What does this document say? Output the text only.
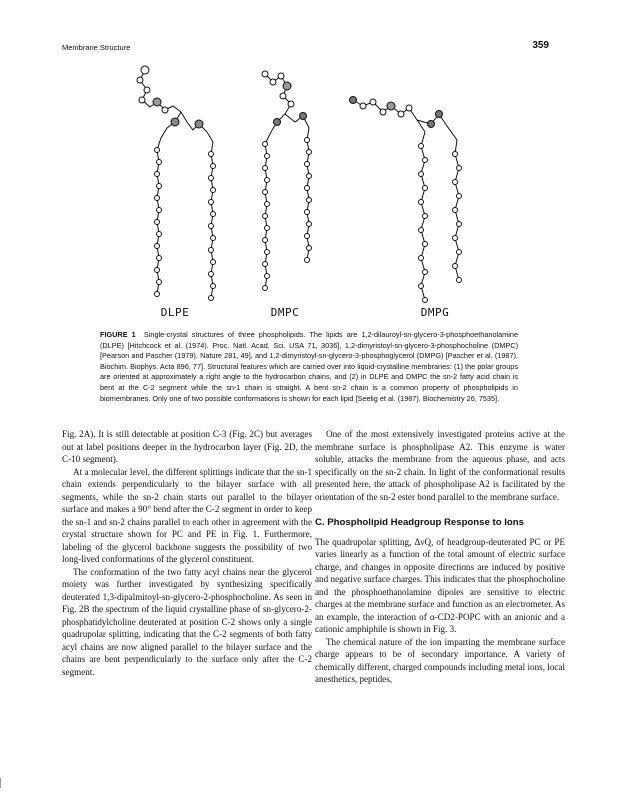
Membrane Structure	359
DLPE	DMPC	DMPG
FIGURE 1 Single-crystal structures of three phospholipids. The lipids are 1,2-dilauroyl-sn-glycero-3-phosphoethanolamine (DLPE) [Hitchcock et al. (1974). Proc. Natl. Acad. Sci. USA 71, 3036], 1,2-dimyristoyl-sn-glycero-3-phosphocholine (DMPC) [Pearson and Pascher (1979). Nature 281, 49], and 1,2-dimyristoyl-sn-glycero-3-phosphoglycerol (DMPG) [Pascher et al. (1987). Biochim. Biophys. Acta 896, 77]. Structural features which are carried over into liquid-crystalline membranes: (1) the polar groups are oriented at approximately a right angle to the hydrocarbon chains, and (2) in DLPE and DMPC the sn-2 fatty acid chain is bent at the C-2 segment while the sn-1 chain is straight. A bent sn-2 chain is a common property of phospholipids in biomembranes. Only one of two possible conformations is shown for each lipid [Seelig et al. (1987). Biochemistry 26, 7535].

Fig. 2A). It is still detectable at position C-3 (Fig. 2C) but averages out at label positions deeper in the hydrocarbon layer (Fig. 2D, the C-10 segment).

At a molecular level, the different splittings indicate that the sn-1 chain extends perpendicularly to the bilayer surface with all segments, while the sn-2 chain starts out parallel to the bilayer surface and makes a 90° bend after the C-2 segment in order to keep the sn-1 and sn-2 chains parallel to each other in agreement with the crystal structure shown for PC and PE in Fig. 1. Furthermore, labeling of the glycerol backbone suggests the possibility of two long-lived conformations of the glycerol constituent.

The conformation of the two fatty acyl chains near the glycerol moiety was further investigated by synthesizing specifically deuterated 1,3-dipalmitoyl-sn-glycero-2-phosphocholine. As seen in Fig. 2B the spectrum of the liquid crystalline phase of sn-glycero-2-phosphatidylcholine deuterated at position C-2 shows only a single quadrupolar splitting, indicating that the C-2 segments of both fatty acyl chains are now aligned parallel to the bilayer surface and the chains are bent perpendicularly to the surface only after the C-2 segment.

One of the most extensively investigated proteins active at the membrane surface is phospholipase A2. This enzyme is water soluble, attacks the membrane from the aqueous phase, and acts specifically on the sn-2 chain. In light of the conformational results presented here, the attack of phospholipase A2 is facilitated by the orientation of the sn-2 ester bond parallel to the membrane surface.

C. Phospholipid Headgroup Response to Ions

The quadrupolar splitting, ΔνQ, of headgroup-deuterated PC or PE varies linearly as a function of the total amount of electric surface charge, and changes in opposite directions are induced by positive and negative surface charges. This indicates that the phosphocholine and the phosphoethanolamine dipoles are sensitive to electric charges at the membrane surface and function as an electrometer. As an example, the interaction of α-CD2-POPC with an anionic and a cationic amphiphile is shown in Fig. 3.

The chemical nature of the ion imparting the membrane surface charge appears to be of secondary importance. A variety of chemically different, charged compounds including metal ions, local anesthetics, peptides,
